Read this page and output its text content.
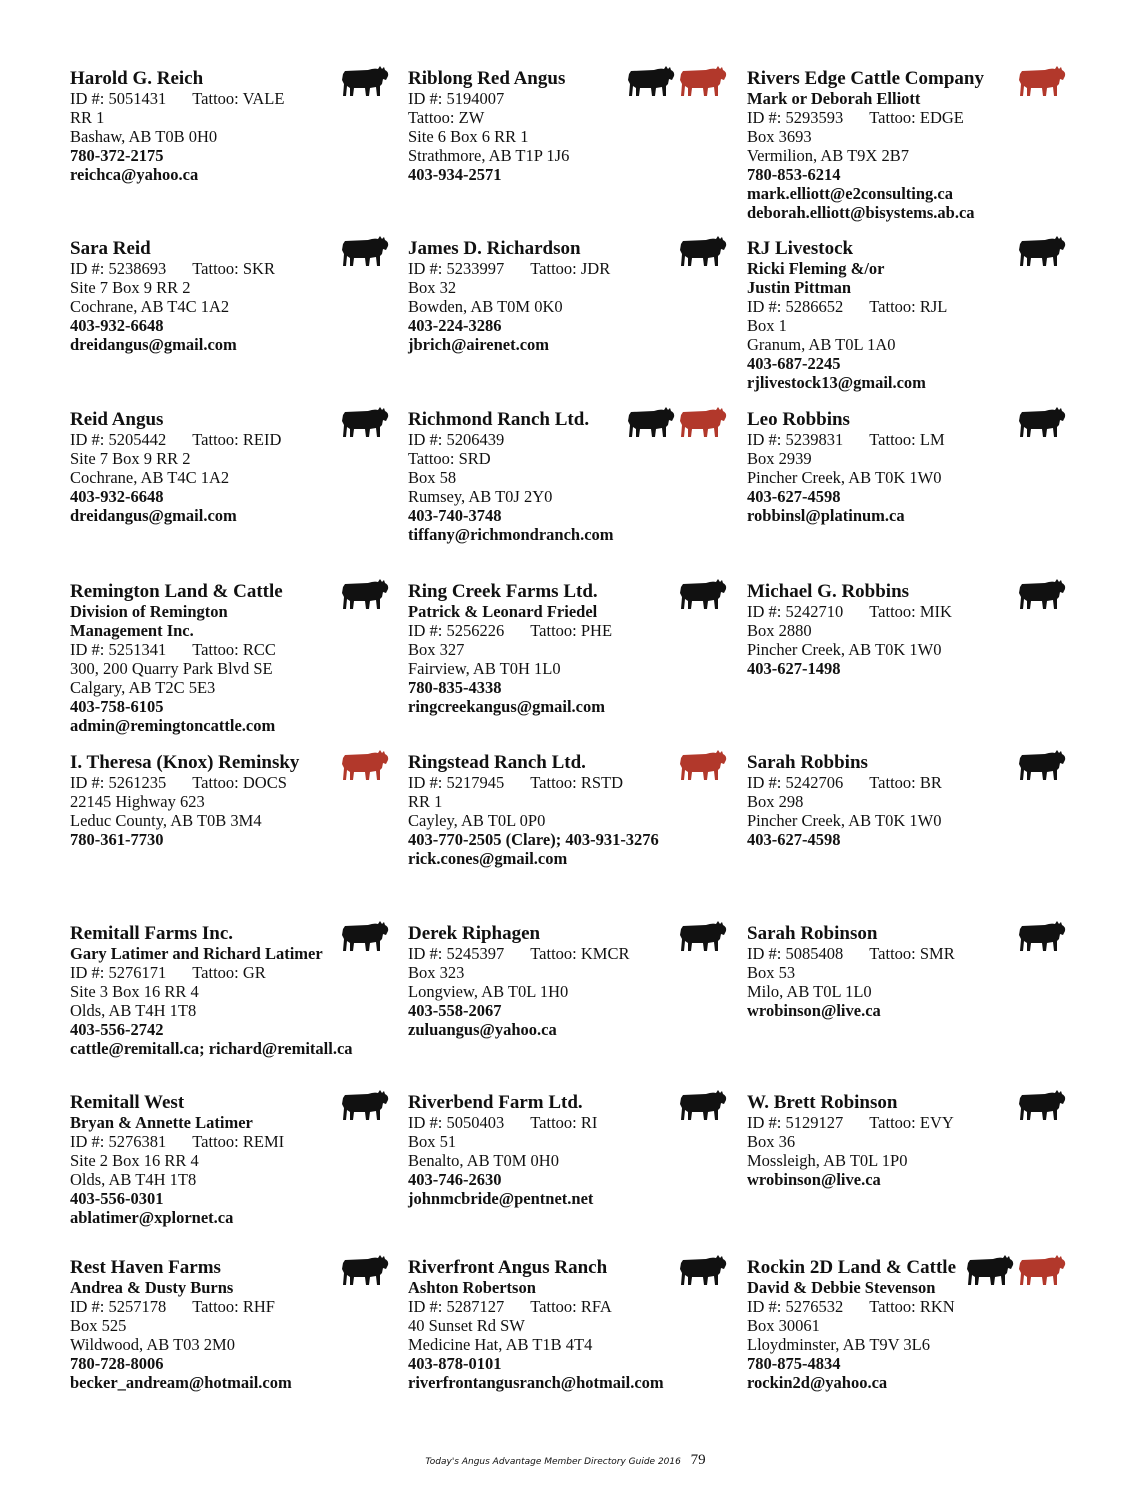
Harold G. Reich
ID #: 5051431 Tattoo: VALE
RR 1
Bashaw, AB T0B 0H0
780-372-2175
reichca@yahoo.ca
Riblong Red Angus
ID #: 5194007
Tattoo: ZW
Site 6 Box 6 RR 1
Strathmore, AB T1P 1J6
403-934-2571
Rivers Edge Cattle Company
Mark or Deborah Elliott
ID #: 5293593 Tattoo: EDGE
Box 3693
Vermilion, AB T9X 2B7
780-853-6214
mark.elliott@e2consulting.ca
deborah.elliott@bisystems.ab.ca
Sara Reid
ID #: 5238693 Tattoo: SKR
Site 7 Box 9 RR 2
Cochrane, AB T4C 1A2
403-932-6648
dreidangus@gmail.com
James D. Richardson
ID #: 5233997 Tattoo: JDR
Box 32
Bowden, AB T0M 0K0
403-224-3286
jbrich@airenet.com
RJ Livestock
Ricki Fleming &/or
Justin Pittman
ID #: 5286652 Tattoo: RJL
Box 1
Granum, AB T0L 1A0
403-687-2245
rjlivestock13@gmail.com
Reid Angus
ID #: 5205442 Tattoo: REID
Site 7 Box 9 RR 2
Cochrane, AB T4C 1A2
403-932-6648
dreidangus@gmail.com
Richmond Ranch Ltd.
ID #: 5206439
Tattoo: SRD
Box 58
Rumsey, AB T0J 2Y0
403-740-3748
tiffany@richmondranch.com
Leo Robbins
ID #: 5239831 Tattoo: LM
Box 2939
Pincher Creek, AB T0K 1W0
403-627-4598
robbinsl@platinum.ca
Remington Land & Cattle
Division of Remington
Management Inc.
ID #: 5251341 Tattoo: RCC
300, 200 Quarry Park Blvd SE
Calgary, AB T2C 5E3
403-758-6105
admin@remingtoncattle.com
Ring Creek Farms Ltd.
Patrick & Leonard Friedel
ID #: 5256226 Tattoo: PHE
Box 327
Fairview, AB T0H 1L0
780-835-4338
ringcreekangus@gmail.com
Michael G. Robbins
ID #: 5242710 Tattoo: MIK
Box 2880
Pincher Creek, AB T0K 1W0
403-627-1498
I. Theresa (Knox) Reminsky
ID #: 5261235 Tattoo: DOCS
22145 Highway 623
Leduc County, AB T0B 3M4
780-361-7730
Ringstead Ranch Ltd.
ID #: 5217945 Tattoo: RSTD
RR 1
Cayley, AB T0L 0P0
403-770-2505 (Clare); 403-931-3276
rick.cones@gmail.com
Sarah Robbins
ID #: 5242706 Tattoo: BR
Box 298
Pincher Creek, AB T0K 1W0
403-627-4598
Remitall Farms Inc.
Gary Latimer and Richard Latimer
ID #: 5276171 Tattoo: GR
Site 3 Box 16 RR 4
Olds, AB T4H 1T8
403-556-2742
cattle@remitall.ca; richard@remitall.ca
Derek Riphagen
ID #: 5245397 Tattoo: KMCR
Box 323
Longview, AB T0L 1H0
403-558-2067
zuluangus@yahoo.ca
Sarah Robinson
ID #: 5085408 Tattoo: SMR
Box 53
Milo, AB T0L 1L0
wrobinson@live.ca
Remitall West
Bryan & Annette Latimer
ID #: 5276381 Tattoo: REMI
Site 2 Box 16 RR 4
Olds, AB T4H 1T8
403-556-0301
ablatimer@xplornet.ca
Riverbend Farm Ltd.
ID #: 5050403 Tattoo: RI
Box 51
Benalto, AB T0M 0H0
403-746-2630
johnmcbride@pentnet.net
W. Brett Robinson
ID #: 5129127 Tattoo: EVY
Box 36
Mossleigh, AB T0L 1P0
wrobinson@live.ca
Rest Haven Farms
Andrea & Dusty Burns
ID #: 5257178 Tattoo: RHF
Box 525
Wildwood, AB T03 2M0
780-728-8006
becker_andream@hotmail.com
Riverfront Angus Ranch
Ashton Robertson
ID #: 5287127 Tattoo: RFA
40 Sunset Rd SW
Medicine Hat, AB T1B 4T4
403-878-0101
riverfrontangusranch@hotmail.com
Rockin 2D Land & Cattle
David & Debbie Stevenson
ID #: 5276532 Tattoo: RKN
Box 30061
Lloydminster, AB T9V 3L6
780-875-4834
rockin2d@yahoo.ca
Today's Angus Advantage Member Directory Guide 2016 79
